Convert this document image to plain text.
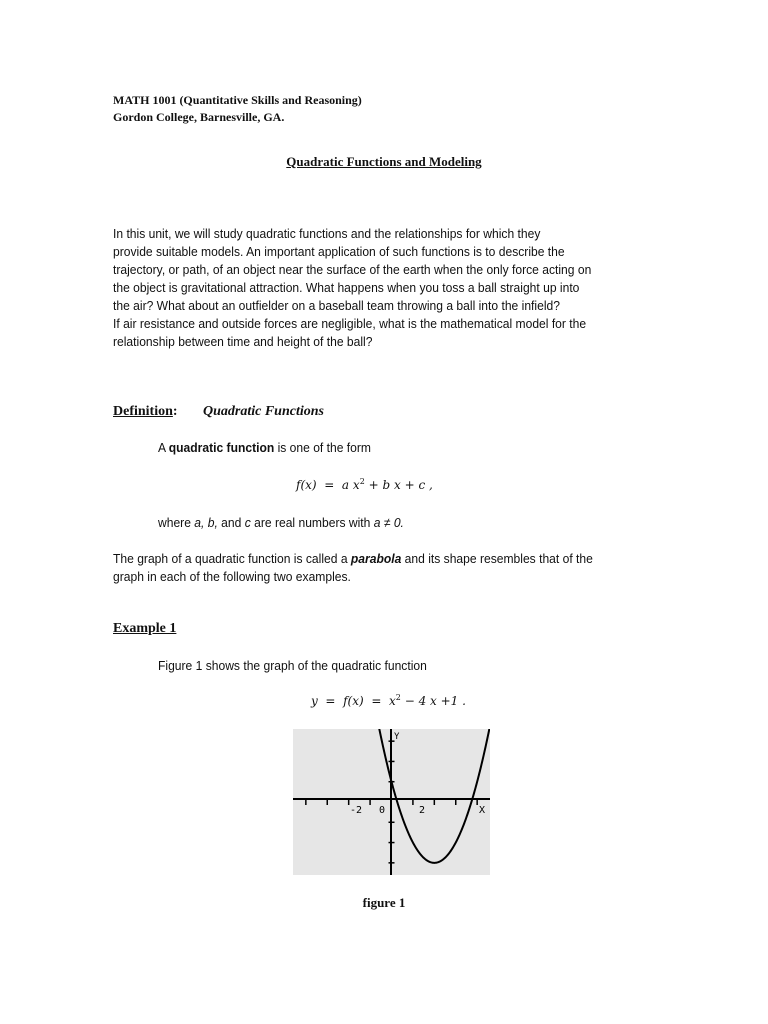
MATH 1001 (Quantitative Skills and Reasoning)
Gordon College, Barnesville, GA.
Quadratic Functions and Modeling
In this unit, we will study quadratic functions and the relationships for which they
provide suitable models. An important application of such functions is to describe the
trajectory, or path, of an object near the surface of the earth when the only force acting on
the object is gravitational attraction. What happens when you toss a ball straight up into
the air? What about an outfielder on a baseball team throwing a ball into the infield?
If air resistance and outside forces are negligible, what is the mathematical model for the
relationship between time and height of the ball?
Definition: Quadratic Functions
A quadratic function is one of the form
f(x)  =  a $x^2 + b$ x + c ,
where a, b, and c are real numbers with a ≠ 0.
The graph of a quadratic function is called a parabola and its shape resembles that of the
graph in each of the following two examples.
Example 1
Figure 1 shows the graph of the quadratic function
$y = f(x) = x^2 - 4$ x +1 .
-2 0	2	X
Y
figure 1
